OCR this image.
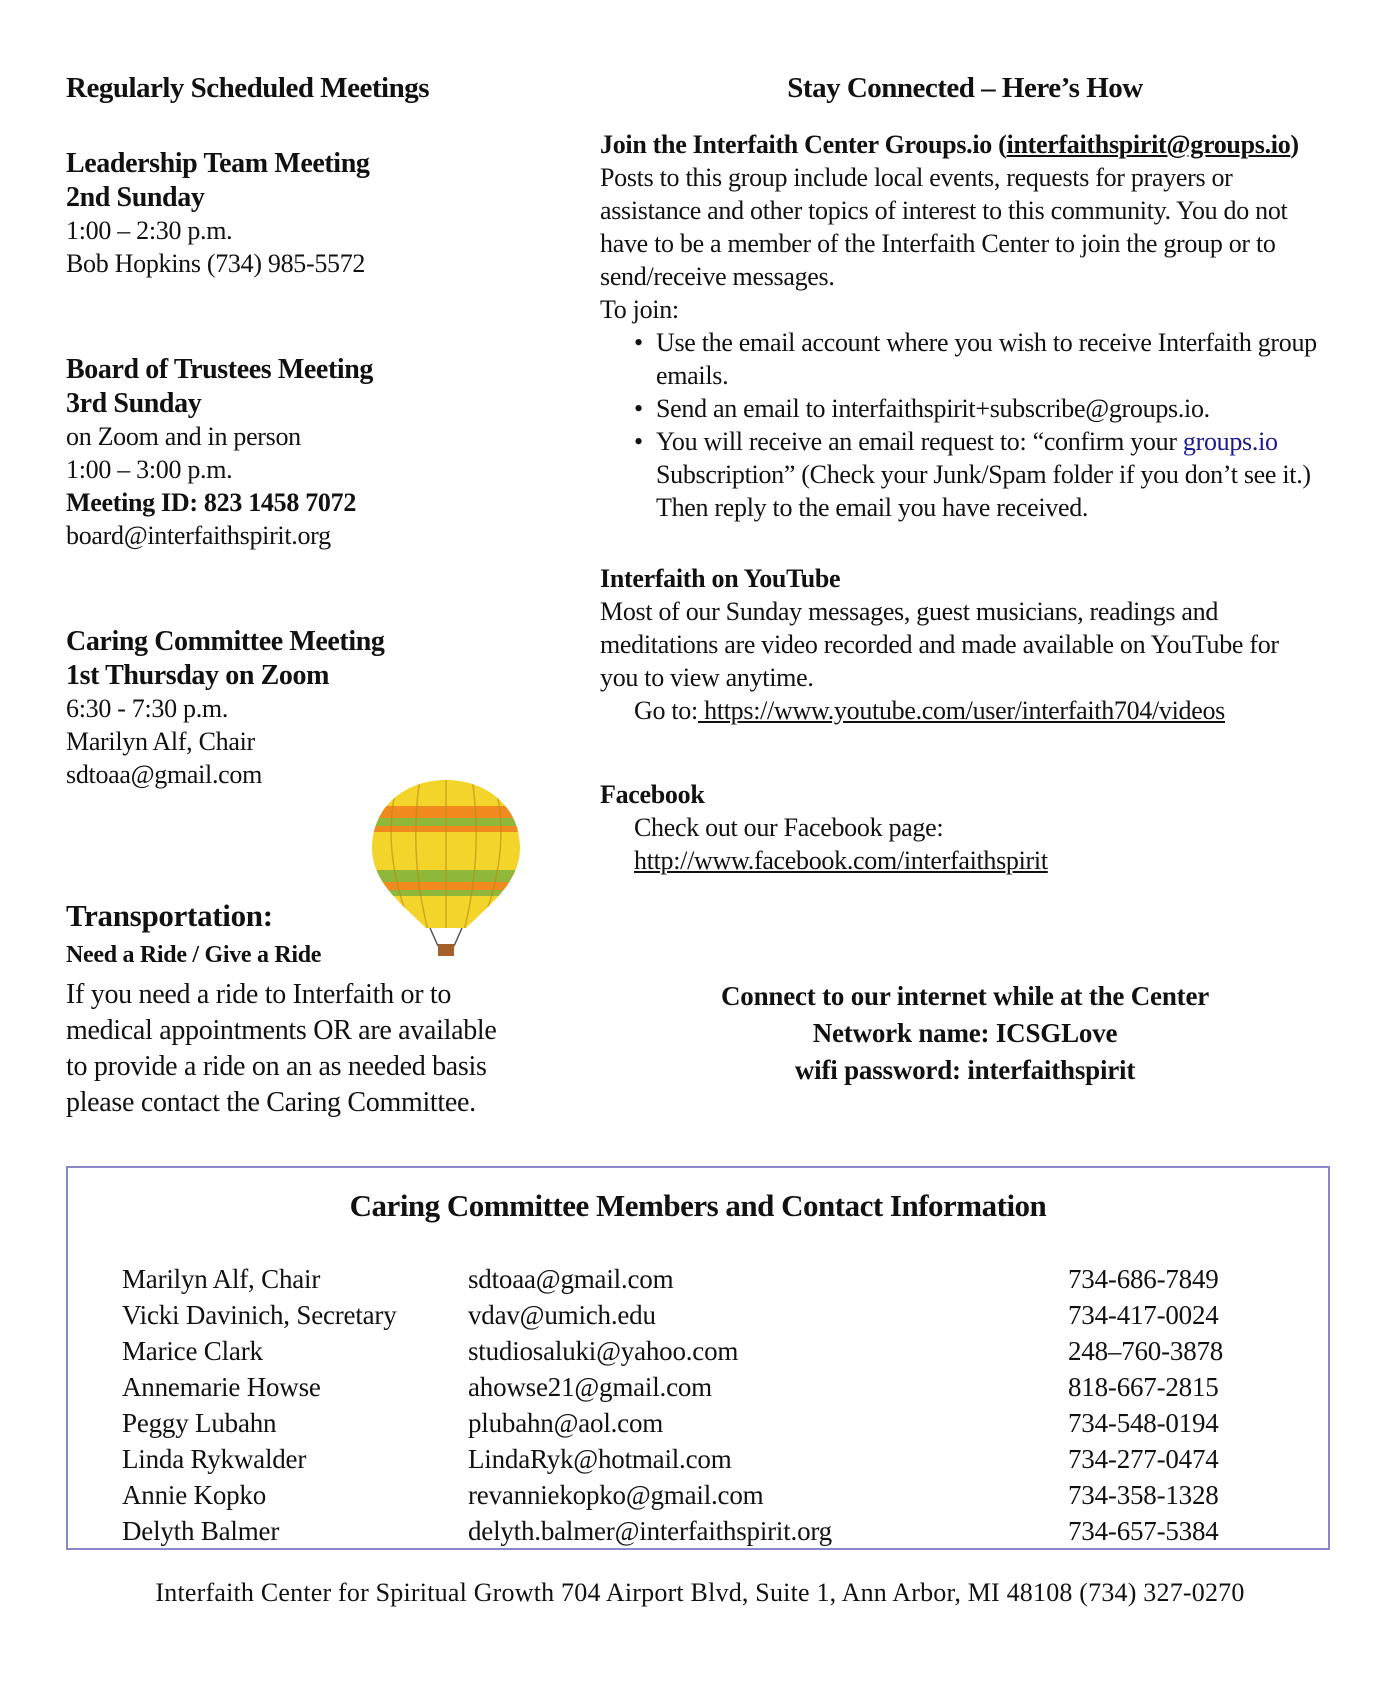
Regularly Scheduled Meetings
Leadership Team Meeting
2nd Sunday
1:00 – 2:30 p.m.
Bob Hopkins (734) 985-5572
Board of Trustees Meeting
3rd Sunday
on Zoom and in person
1:00 – 3:00 p.m.
Meeting ID: 823 1458 7072
board@interfaithspirit.org
Caring Committee Meeting
1st Thursday on Zoom
6:30 - 7:30 p.m.
Marilyn Alf, Chair
sdtoaa@gmail.com
Transportation:
Need a Ride / Give a Ride
If you need a ride to Interfaith or to
medical appointments OR are available
to provide a ride on an as needed basis
please contact the Caring Committee.
Stay Connected – Here’s How
Join the Interfaith Center Groups.io (interfaithspirit@groups.io)
Posts to this group include local events, requests for prayers or
assistance and other topics of interest to this community. You do not
have to be a member of the Interfaith Center to join the group or to
send/receive messages.
To join:
• Use the email account where you wish to receive Interfaith group
emails.
• Send an email to interfaithspirit+subscribe@groups.io.
• You will receive an email request to: “confirm your groups.io
Subscription” (Check your Junk/Spam folder if you don’t see it.)
Then reply to the email you have received.
Interfaith on YouTube
Most of our Sunday messages, guest musicians, readings and
meditations are video recorded and made available on YouTube for
you to view anytime.
Go to: https://www.youtube.com/user/interfaith704/videos
Facebook
Check out our Facebook page:
http://www.facebook.com/interfaithspirit
Connect to our internet while at the Center
Network name: ICSGLove
wifi password: interfaithspirit
Caring Committee Members and Contact Information
Marilyn Alf, Chair	sdtoaa@gmail.com	734-686-7849
Vicki Davinich, Secretary	vdav@umich.edu	734-417-0024
Marice Clark	studiosaluki@yahoo.com	248–760-3878
Annemarie Howse	ahowse21@gmail.com	818-667-2815
Peggy Lubahn	plubahn@aol.com	734-548-0194
Linda Rykwalder	LindaRyk@hotmail.com	734-277-0474
Annie Kopko	revanniekopko@gmail.com	734-358-1328
Delyth Balmer	delyth.balmer@interfaithspirit.org	734-657-5384
Interfaith Center for Spiritual Growth 704 Airport Blvd, Suite 1, Ann Arbor, MI 48108 (734) 327-0270
